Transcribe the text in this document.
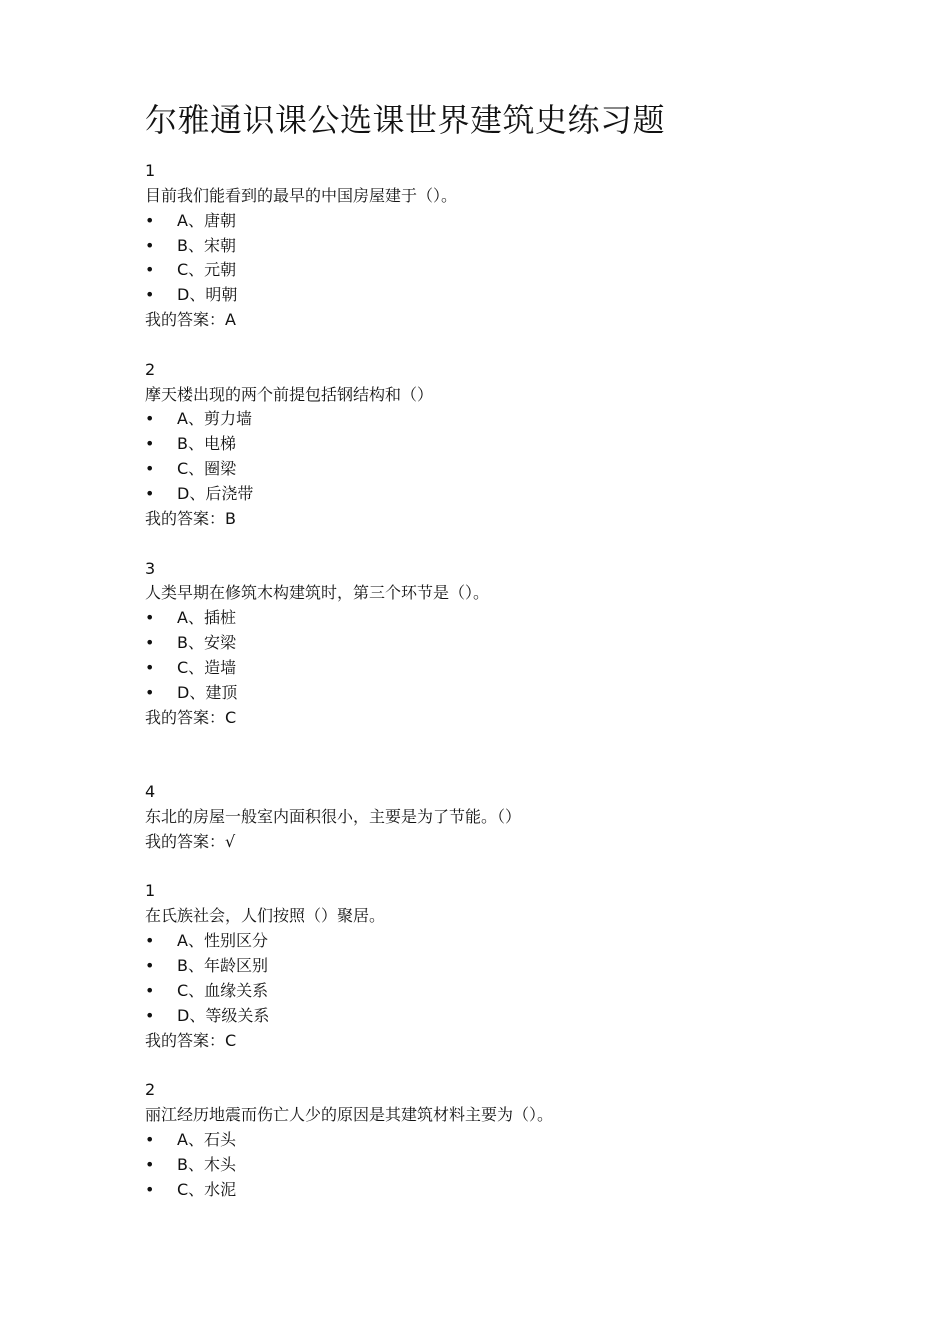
尔雅通识课公选课世界建筑史练习题
1
目前我们能看到的最早的中国房屋建于（）。
• A、唐朝
• B、宋朝
• C、元朝
• D、明朝
我的答案：A
2
摩天楼出现的两个前提包括钢结构和（）
• A、剪力墙
• B、电梯
• C、圈梁
• D、后浇带
我的答案：B
3
人类早期在修筑木构建筑时，第三个环节是（）。
• A、插桩
• B、安梁
• C、造墙
• D、建顶
我的答案：C
4
东北的房屋一般室内面积很小，主要是为了节能。（）
我的答案：√
1
在氏族社会，人们按照（）聚居。
• A、性别区分
• B、年龄区别
• C、血缘关系
• D、等级关系
我的答案：C
2
丽江经历地震而伤亡人少的原因是其建筑材料主要为（）。
• A、石头
• B、木头
• C、水泥
